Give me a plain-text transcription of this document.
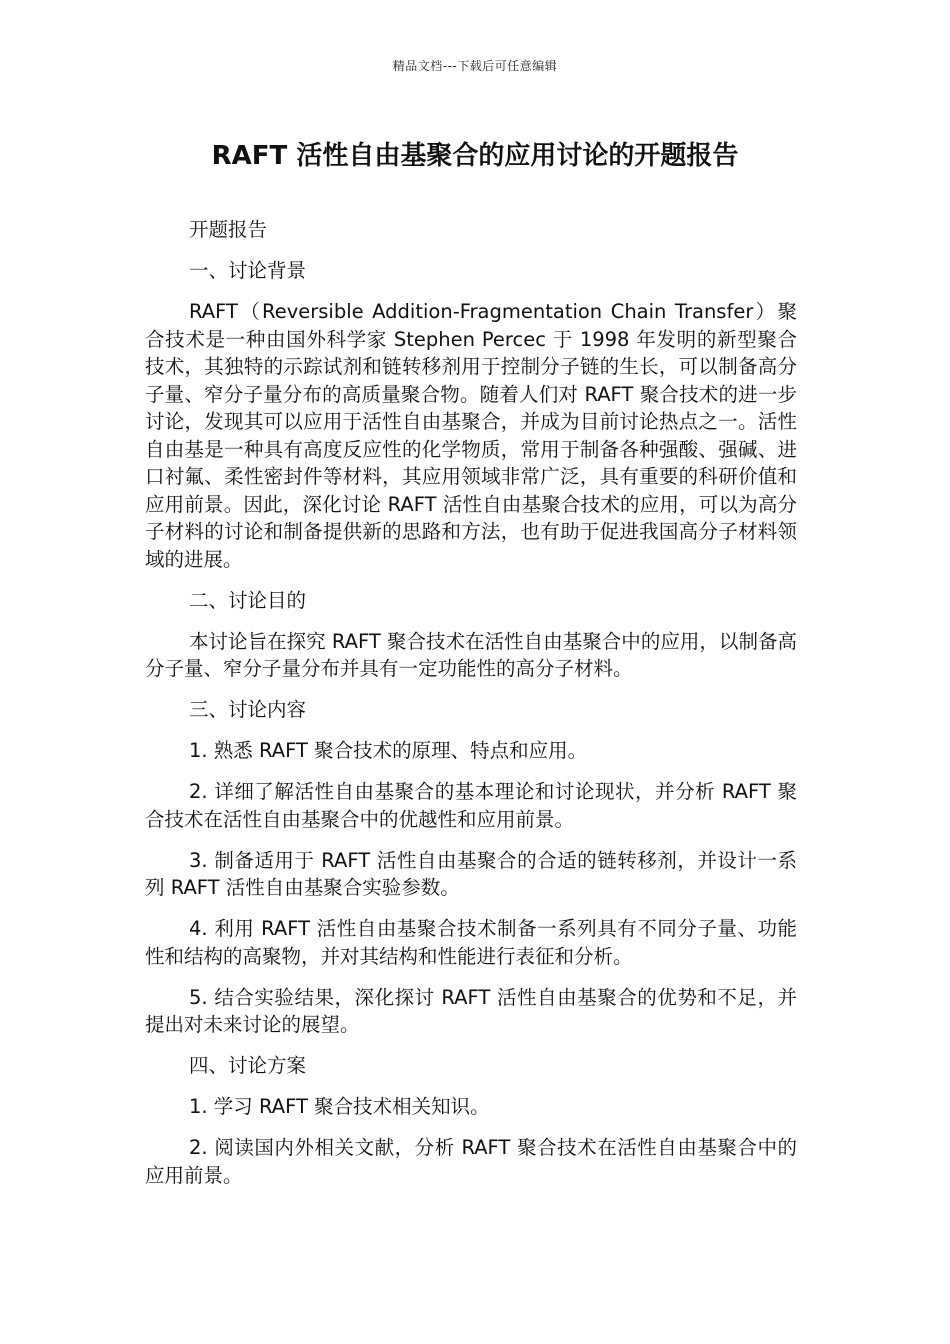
精品文档---下载后可任意编辑
RAFT 活性自由基聚合的应用讨论的开题报告

开题报告

一、讨论背景

RAFT（Reversible Addition-Fragmentation Chain Transfer）聚合技术是一种由国外科学家 Stephen Percec 于 1998 年发明的新型聚合技术，其独特的示踪试剂和链转移剂用于控制分子链的生长，可以制备高分子量、窄分子量分布的高质量聚合物。随着人们对 RAFT 聚合技术的进一步讨论，发现其可以应用于活性自由基聚合，并成为目前讨论热点之一。活性自由基是一种具有高度反应性的化学物质，常用于制备各种强酸、强碱、进口衬氟、柔性密封件等材料，其应用领域非常广泛，具有重要的科研价值和应用前景。因此，深化讨论 RAFT 活性自由基聚合技术的应用，可以为高分子材料的讨论和制备提供新的思路和方法，也有助于促进我国高分子材料领域的进展。

二、讨论目的

本讨论旨在探究 RAFT 聚合技术在活性自由基聚合中的应用，以制备高分子量、窄分子量分布并具有一定功能性的高分子材料。

三、讨论内容

1. 熟悉 RAFT 聚合技术的原理、特点和应用。

2. 详细了解活性自由基聚合的基本理论和讨论现状，并分析 RAFT 聚合技术在活性自由基聚合中的优越性和应用前景。

3. 制备适用于 RAFT 活性自由基聚合的合适的链转移剂，并设计一系列 RAFT 活性自由基聚合实验参数。

4. 利用 RAFT 活性自由基聚合技术制备一系列具有不同分子量、功能性和结构的高聚物，并对其结构和性能进行表征和分析。

5. 结合实验结果，深化探讨 RAFT 活性自由基聚合的优势和不足，并提出对未来讨论的展望。

四、讨论方案

1. 学习 RAFT 聚合技术相关知识。

2. 阅读国内外相关文献，分析 RAFT 聚合技术在活性自由基聚合中的应用前景。
